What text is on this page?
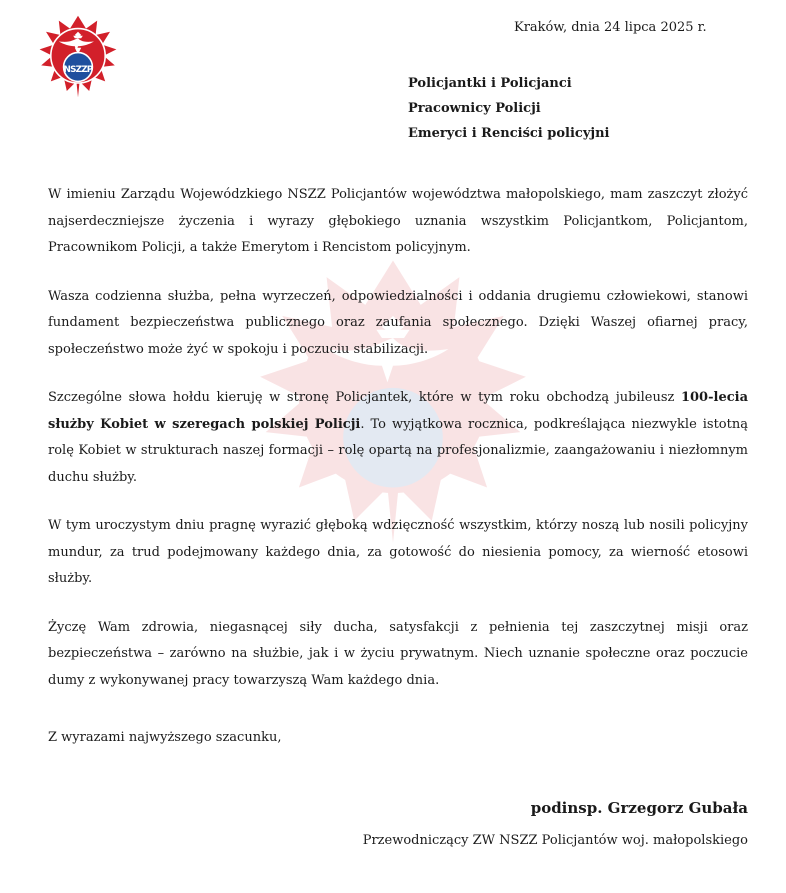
NSZZP
Kraków, dnia 24 lipca 2025 r.
Policjantki i Policjanci
Pracownicy Policji
Emeryci i Renciści policyjni

W imieniu Zarządu Wojewódzkiego NSZZ Policjantów województwa małopolskiego, mam zaszczyt złożyć najserdeczniejsze życzenia i wyrazy głębokiego uznania wszystkim Policjantkom, Policjantom, Pracownikom Policji, a także Emerytom i Rencistom policyjnym.

Wasza codzienna służba, pełna wyrzeczeń, odpowiedzialności i oddania drugiemu człowiekowi, stanowi fundament bezpieczeństwa publicznego oraz zaufania społecznego. Dzięki Waszej ofiarnej pracy, społeczeństwo może żyć w spokoju i poczuciu stabilizacji.

Szczególne słowa hołdu kieruję w stronę Policjantek, które w tym roku obchodzą jubileusz 100-lecia służby Kobiet w szeregach polskiej Policji. To wyjątkowa rocznica, podkreślająca niezwykle istotną rolę Kobiet w strukturach naszej formacji – rolę opartą na profesjonalizmie, zaangażowaniu i niezłomnym duchu służby.

W tym uroczystym dniu pragnę wyrazić głęboką wdzięczność wszystkim, którzy noszą lub nosili policyjny mundur, za trud podejmowany każdego dnia, za gotowość do niesienia pomocy, za wierność etosowi służby.

Życzę Wam zdrowia, niegasnącej siły ducha, satysfakcji z pełnienia tej zaszczytnej misji oraz bezpieczeństwa – zarówno na służbie, jak i w życiu prywatnym. Niech uznanie społeczne oraz poczucie dumy z wykonywanej pracy towarzyszą Wam każdego dnia.

Z wyrazami najwyższego szacunku,
podinsp. Grzegorz Gubała
Przewodniczący ZW NSZZ Policjantów woj. małopolskiego
